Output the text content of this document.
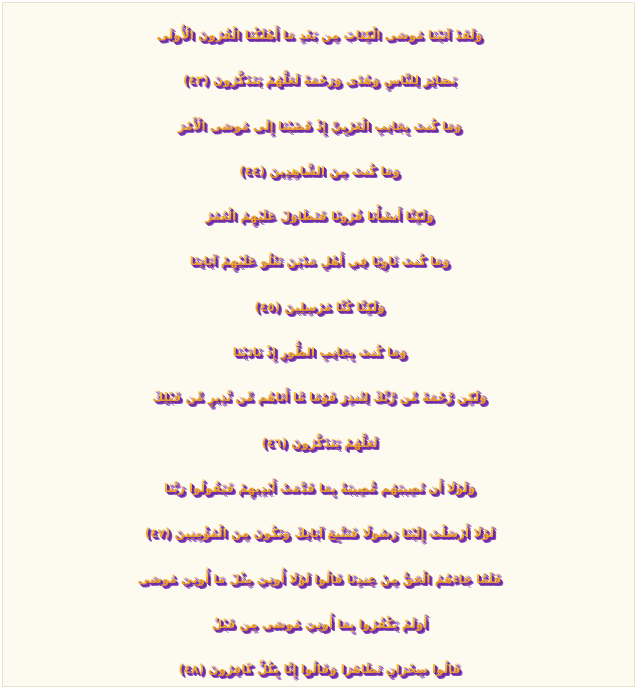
وَلَقَدْ آتَيْنَا مُوسَى الْكِتَابَ مِن بَعْدِ مَا أَهْلَكْنَا الْقُرُونَ الْأُولَى
بَصَائِرَ لِلنَّاسِ وَهُدًى وَرَحْمَةً لَعَلَّهُمْ يَتَذَكَّرُونَ (٤٣)
وَمَا كُنتَ بِجَانِبِ الْغَرْبِيِّ إِذْ قَضَيْنَا إِلَى مُوسَى الْأَمْرَ
وَمَا كُنتَ مِنَ الشَّاهِدِينَ (٤٤)
وَلَكِنَّا أَنشَأْنَا قُرُونًا فَتَطَاوَلَ عَلَيْهِمُ الْعُمُرُ
وَمَا كُنتَ ثَاوِيًا فِي أَهْلِ مَدْيَنَ تَتْلُو عَلَيْهِمْ آيَاتِنَا
وَلَكِنَّا كُنَّا مُرْسِلِينَ (٤٥)
وَمَا كُنتَ بِجَانِبِ الطُّورِ إِذْ نَادَيْنَا
وَلَكِن رَّحْمَةً مِّن رَّبِّكَ لِتُنذِرَ قَوْمًا مَّا أَتَاهُم مِّن نَّذِيرٍ مِّن قَبْلِكَ
لَعَلَّهُمْ يَتَذَكَّرُونَ (٤٦)
وَلَوْلَا أَن تُصِيبَهُم مُّصِيبَةٌ بِمَا قَدَّمَتْ أَيْدِيهِمْ فَيَقُولُوا رَبَّنَا
لَوْلَا أَرْسَلْتَ إِلَيْنَا رَسُولًا فَنَتَّبِعَ آيَاتِكَ وَنَكُونَ مِنَ الْمُؤْمِنِينَ (٤٧)
فَلَمَّا جَاءَهُمُ الْحَقُّ مِنْ عِندِنَا قَالُوا لَوْلَا أُوتِيَ مِثْلَ مَا أُوتِيَ مُوسَى
أَوَلَمْ يَكْفُرُوا بِمَا أُوتِيَ مُوسَى مِن قَبْلُ
قَالُوا سِحْرَانِ تَظَاهَرَا وَقَالُوا إِنَّا بِكُلٍّ كَافِرُونَ (٤٨)
